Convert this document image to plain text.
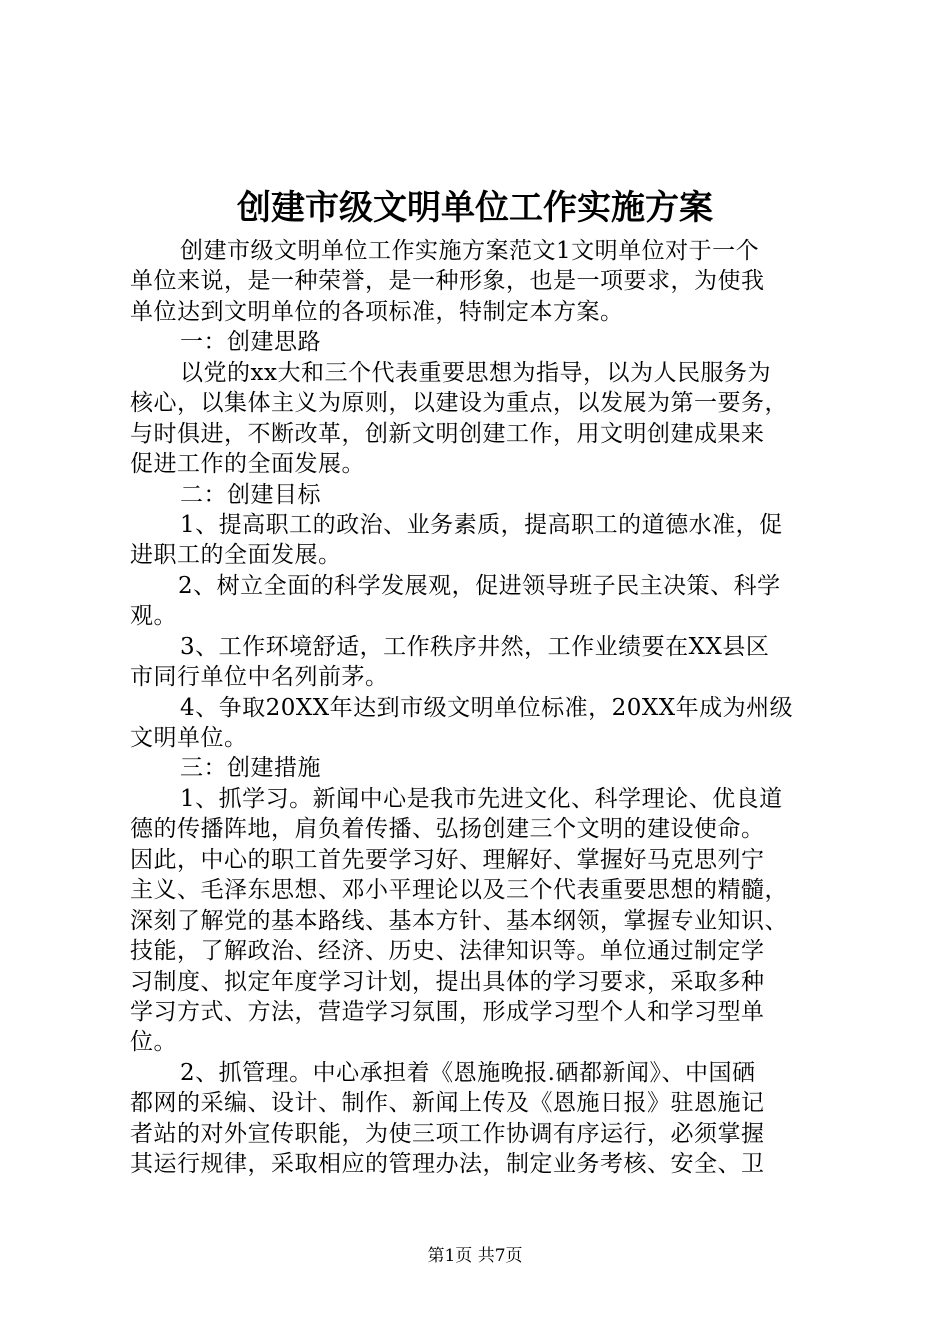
创建市级文明单位工作实施方案
创建市级文明单位工作实施方案范文1文明单位对于一个
单位来说，是一种荣誉，是一种形象，也是一项要求，为使我
单位达到文明单位的各项标准，特制定本方案。
一：创建思路
以党的xx大和三个代表重要思想为指导，以为人民服务为
核心，以集体主义为原则，以建设为重点，以发展为第一要务，
与时俱进，不断改革，创新文明创建工作，用文明创建成果来
促进工作的全面发展。
二：创建目标
1、提高职工的政治、业务素质，提高职工的道德水准，促
进职工的全面发展。
2、树立全面的科学发展观，促进领导班子民主决策、科学
观。
3、工作环境舒适，工作秩序井然，工作业绩要在XX县区
市同行单位中名列前茅。
4、争取20XX年达到市级文明单位标准，20XX年成为州级
文明单位。
三：创建措施
1、抓学习。新闻中心是我市先进文化、科学理论、优良道
德的传播阵地，肩负着传播、弘扬创建三个文明的建设使命。
因此，中心的职工首先要学习好、理解好、掌握好马克思列宁
主义、毛泽东思想、邓小平理论以及三个代表重要思想的精髓，
深刻了解党的基本路线、基本方针、基本纲领，掌握专业知识、
技能，了解政治、经济、历史、法律知识等。单位通过制定学
习制度、拟定年度学习计划，提出具体的学习要求，采取多种
学习方式、方法，营造学习氛围，形成学习型个人和学习型单
位。
2、抓管理。中心承担着《恩施晚报.硒都新闻》、中国硒
都网的采编、设计、制作、新闻上传及《恩施日报》驻恩施记
者站的对外宣传职能，为使三项工作协调有序运行，必须掌握
其运行规律，采取相应的管理办法，制定业务考核、安全、卫
第1页 共7页
